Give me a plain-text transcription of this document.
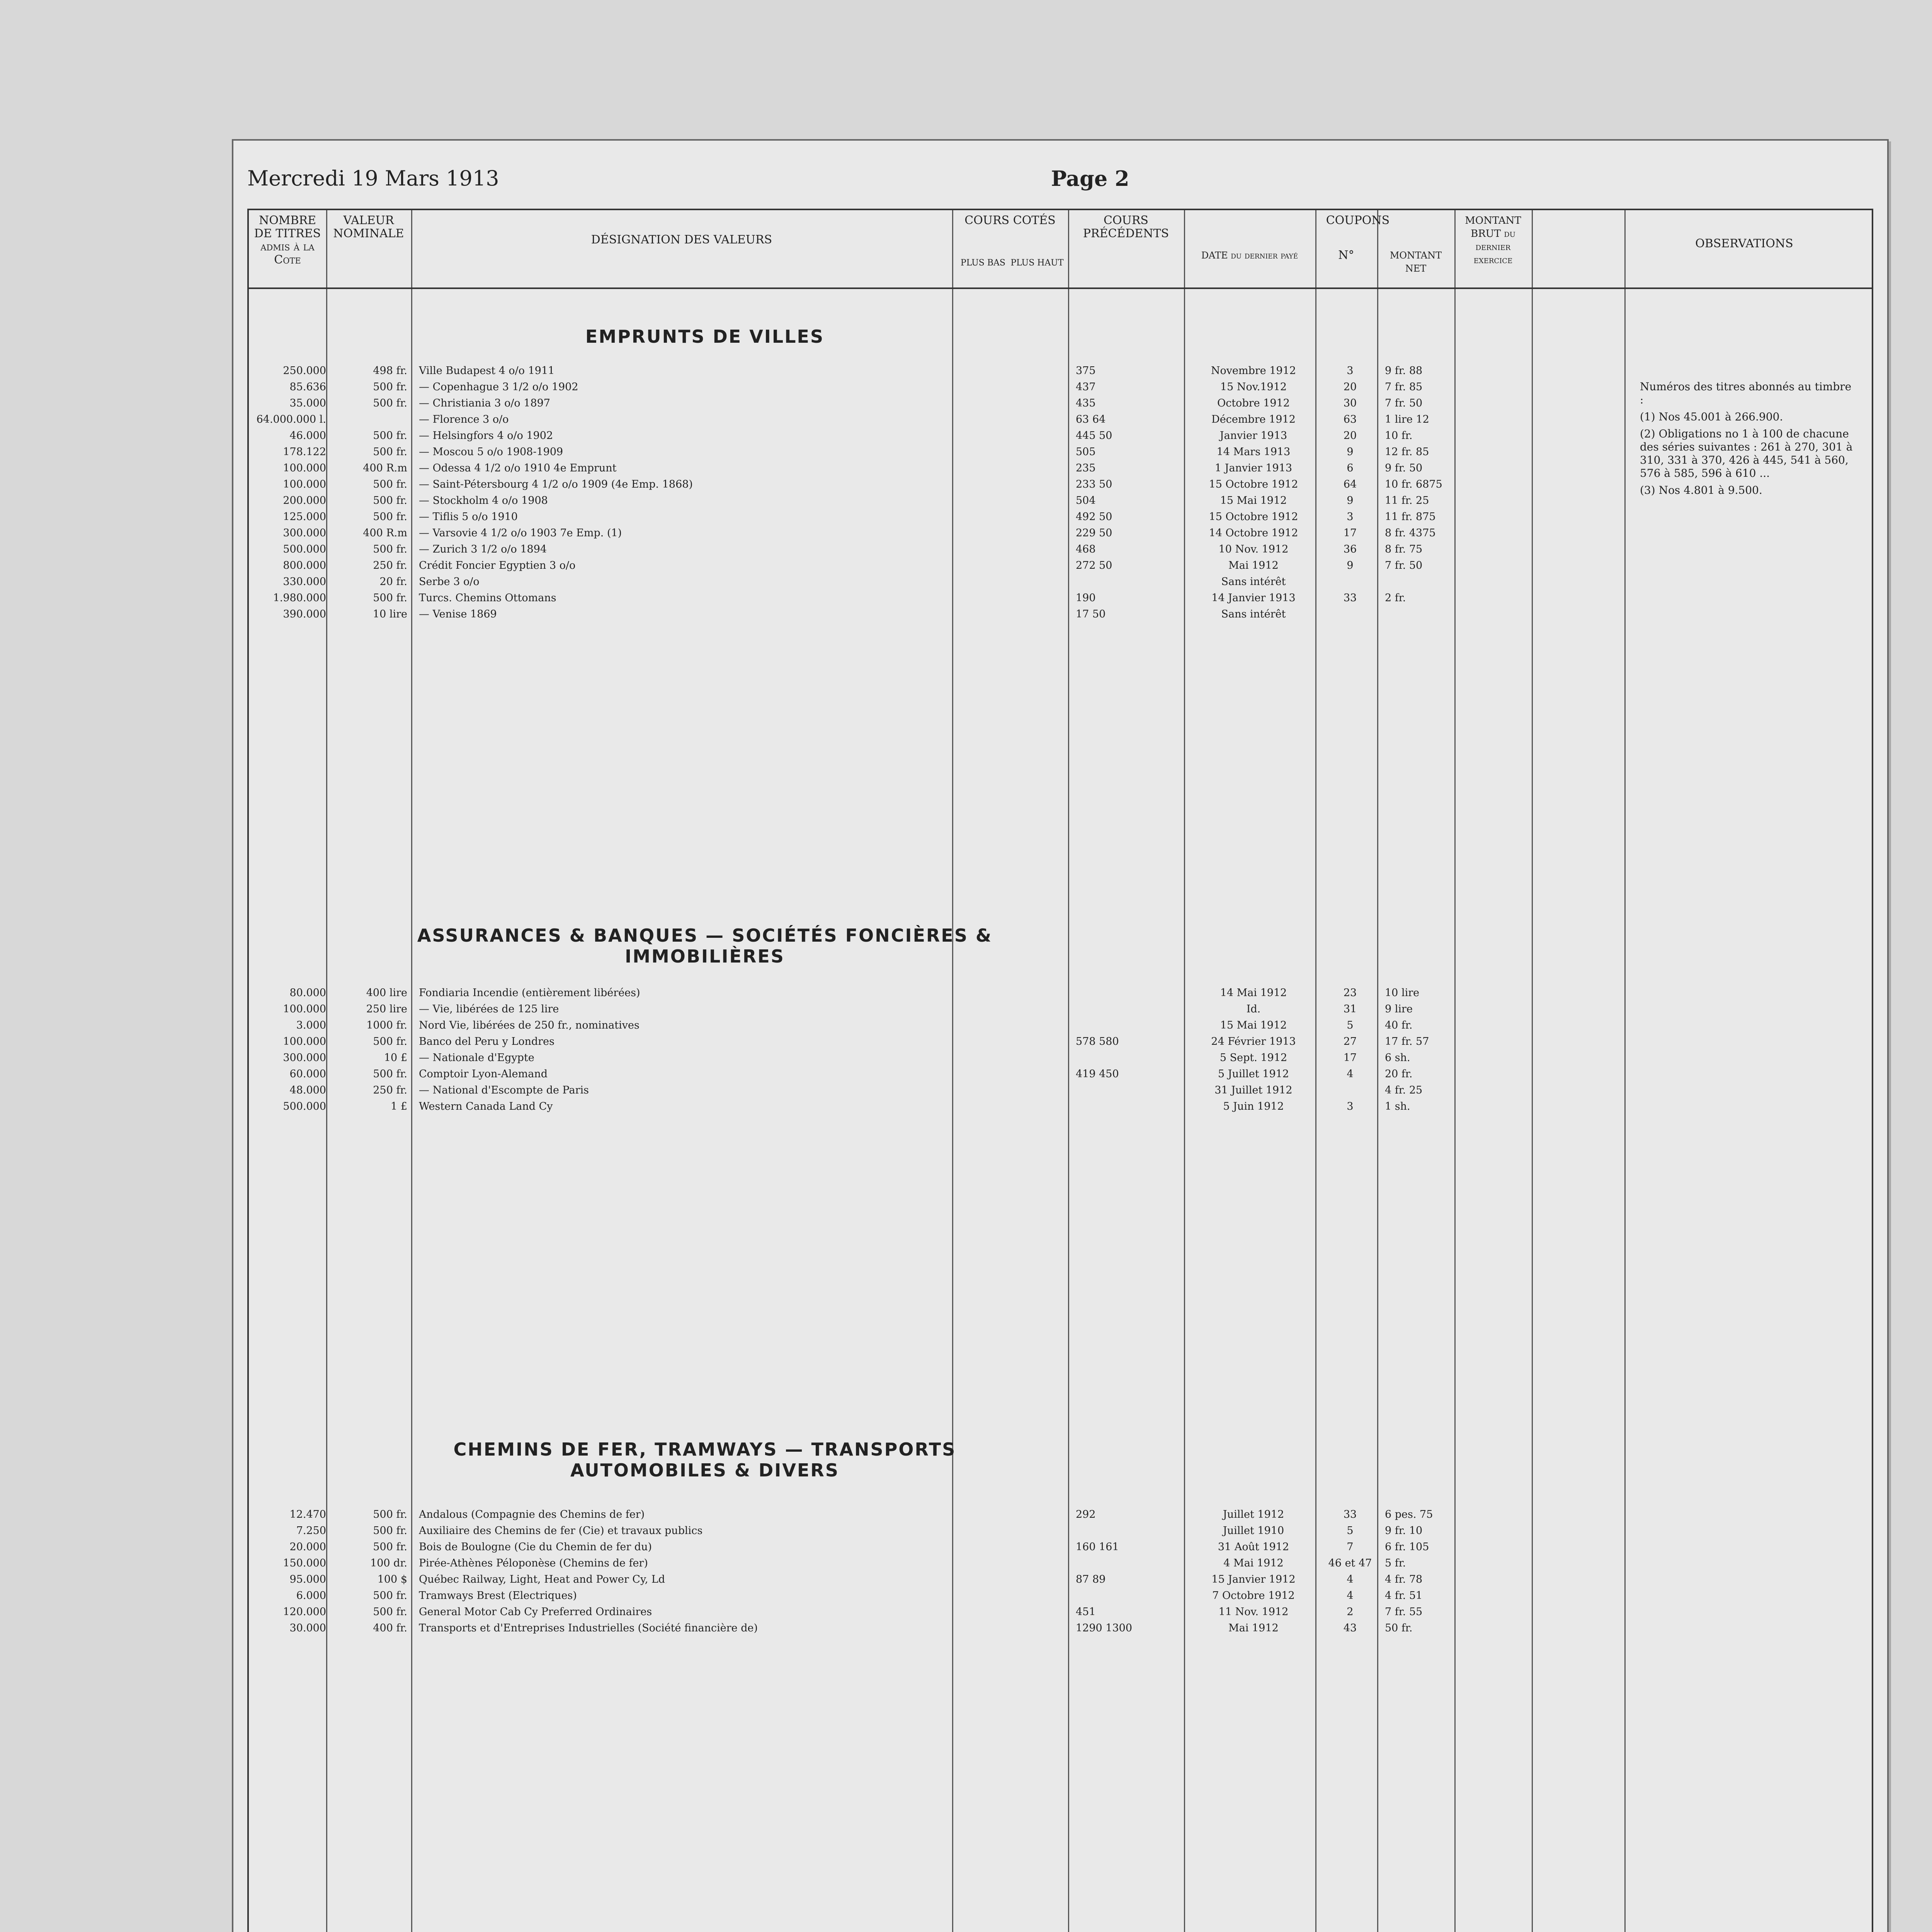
Mercredi 19 Mars 1913	Page 2
NOMBRE DE TITRES admis à la Cote
VALEUR NOMINALE	DÉSIGNATION DES VALEURS
COURS COTÉS
PLUS BAS PLUS HAUT
COURS PRÉCÉDENTS
COUPONS
DATE du dernier payé	N°	MONTANT NET
MONTANT BRUT du dernier exercice
OBSERVATIONS
EMPRUNTS DE VILLES
250.000	498 fr. Ville Budapest 4 o/o 1911	375	Novembre 1912	3	9 fr. 88
85.636	500 fr. — Copenhague 3 1/2 o/o 1902	437	15 Nov.1912	20	7 fr. 85
35.000	500 fr. — Christiania 3 o/o 1897	435	Octobre 1912	30	7 fr. 50
64.000.000 l.	— Florence 3 o/o	63 64	Décembre 1912	63	1 lire 12
46.000	500 fr. — Helsingfors 4 o/o 1902	445 50	Janvier 1913	20	10 fr.
178.122	500 fr. — Moscou 5 o/o 1908-1909	505	14 Mars 1913	9	12 fr. 85
100.000	400 R.m — Odessa 4 1/2 o/o 1910 4e Emprunt	235	1 Janvier 1913	6	9 fr. 50
100.000	500 fr. — Saint-Pétersbourg 4 1/2 o/o 1909 (4e Emp. 1868)	233 50	15 Octobre 1912	64	10 fr. 6875
200.000	500 fr. — Stockholm 4 o/o 1908	504	15 Mai 1912	9	11 fr. 25
125.000	500 fr. — Tiflis 5 o/o 1910	492 50	15 Octobre 1912	3	11 fr. 875
300.000	400 R.m — Varsovie 4 1/2 o/o 1903 7e Emp. (1)	229 50	14 Octobre 1912	17	8 fr. 4375
500.000	500 fr. — Zurich 3 1/2 o/o 1894	468	10 Nov. 1912	36	8 fr. 75
800.000	250 fr. Crédit Foncier Egyptien 3 o/o	272 50	Mai 1912	9	7 fr. 50
330.000	20 fr. Serbe 3 o/o	Sans intérêt
1.980.000	500 fr. Turcs. Chemins Ottomans	190	14 Janvier 1913	33	2 fr.
390.000	10 lire — Venise 1869	17 50	Sans intérêt
ASSURANCES & BANQUES — SOCIÉTÉS FONCIÈRES & IMMOBILIÈRES
80.000	400 lire Fondiaria Incendie (entièrement libérées)	14 Mai 1912	23	10 lire
100.000	250 lire — Vie, libérées de 125 lire	Id.	31	9 lire
3.000	1000 fr. Nord Vie, libérées de 250 fr., nominatives	15 Mai 1912	5	40 fr.
100.000	500 fr. Banco del Peru y Londres	578 580	24 Février 1913	27	17 fr. 57
300.000	10 £ — Nationale d'Egypte	5 Sept. 1912	17	6 sh.
60.000	500 fr. Comptoir Lyon-Alemand	419 450	5 Juillet 1912	4	20 fr.
48.000	250 fr. — National d'Escompte de Paris	31 Juillet 1912	4 fr. 25
500.000	1 £ Western Canada Land Cy	5 Juin 1912	3	1 sh.
CHEMINS DE FER, TRAMWAYS — TRANSPORTS AUTOMOBILES & DIVERS
12.470	500 fr. Andalous (Compagnie des Chemins de fer)	292	Juillet 1912	33	6 pes. 75
7.250	500 fr. Auxiliaire des Chemins de fer (Cie) et travaux publics	Juillet 1910	5	9 fr. 10
20.000	500 fr. Bois de Boulogne (Cie du Chemin de fer du)	160 161	31 Août 1912	7	6 fr. 105
150.000	100 dr. Pirée-Athènes Péloponèse (Chemins de fer)	4 Mai 1912	46 et 47	5 fr.
95.000	100 $ Québec Railway, Light, Heat and Power Cy, Ld	87 89	15 Janvier 1912	4	4 fr. 78
6.000	500 fr. Tramways Brest (Electriques)	7 Octobre 1912	4	4 fr. 51
120.000	500 fr. General Motor Cab Cy Preferred Ordinaires	451	11 Nov. 1912	2	7 fr. 55
30.000	400 fr. Transports et d'Entreprises Industrielles (Société financière de)	1290 1300	Mai 1912	43	50 fr.

Numéros des titres abonnés au timbre :

(1) Nos 45.001 à 266.900.

(2) Obligations no 1 à 100 de chacune des séries suivantes : 261 à 270, 301 à 310, 331 à 370, 426 à 445, 541 à 560, 576 à 585, 596 à 610 ...

(3) Nos 4.801 à 9.500.
